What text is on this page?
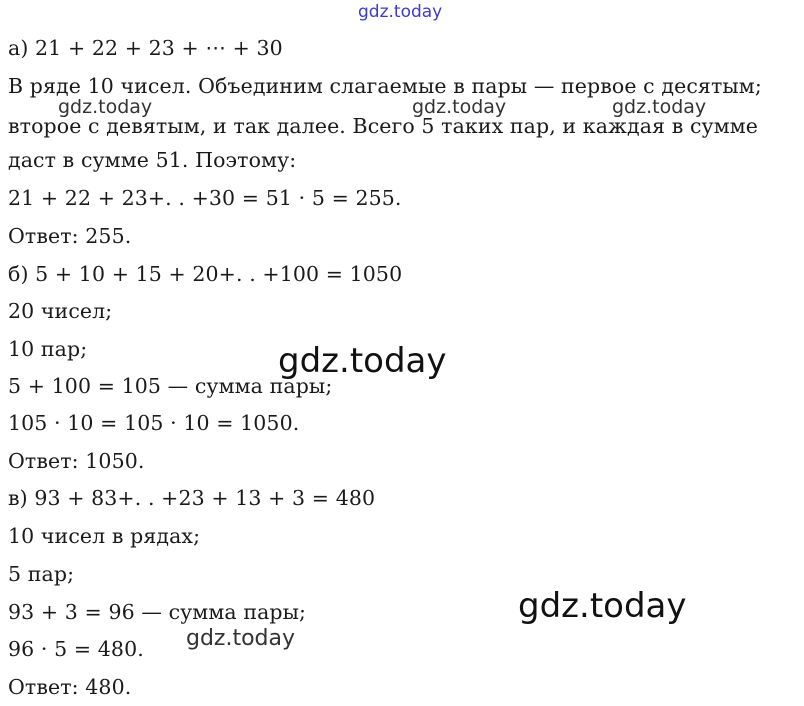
а) 21 + 22 + 23 + ⋯ + 30
В ряде 10 чисел. Объединим слагаемые в пары — первое с десятым;
второе с девятым, и так далее. Всего 5 таких пар, и каждая в сумме
даст в сумме 51. Поэтому:
21 + 22 + 23+. . +30 = 51 · 5 = 255.
Ответ: 255.
б) 5 + 10 + 15 + 20+. . +100 = 1050
20 чисел;
10 пар;
5 + 100 = 105 — сумма пары;
105 · 10 = 105 · 10 = 1050.
Ответ: 1050.
в) 93 + 83+. . +23 + 13 + 3 = 480
10 чисел в рядах;
5 пар;
93 + 3 = 96 — сумма пары;
96 · 5 = 480.
Ответ: 480.
gdz.today
gdz.today	gdz.today	gdz.today
gdz.today
gdz.today
gdz.today
